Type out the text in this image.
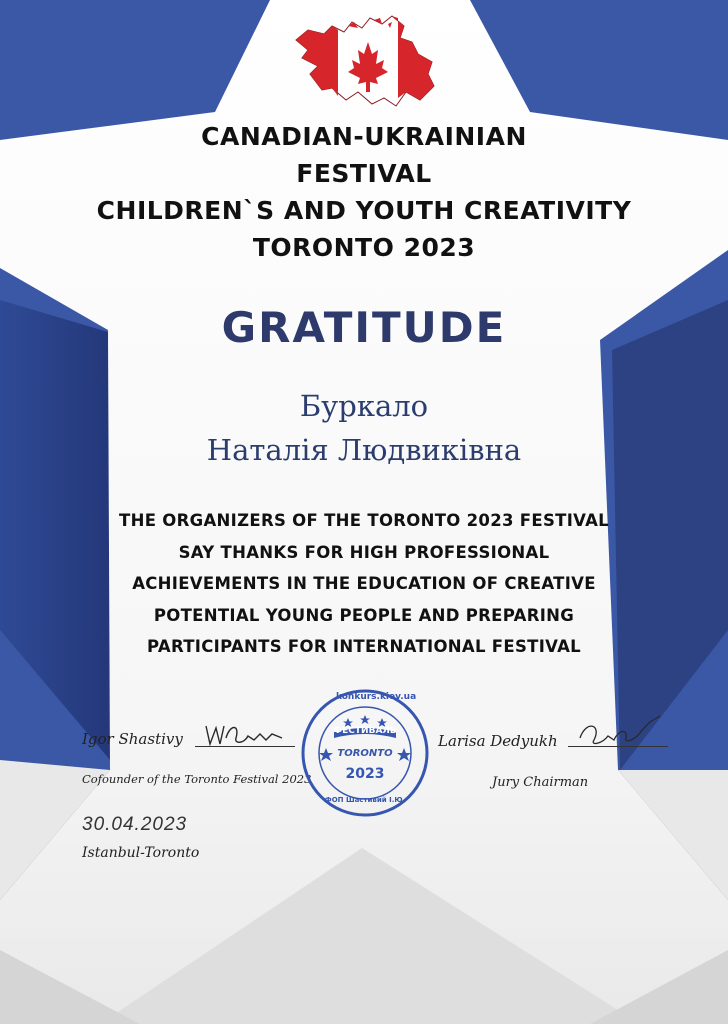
CANADIAN-UKRAINIAN
FESTIVAL
CHILDREN`S AND YOUTH CREATIVITY
TORONTO 2023
GRATITUDE
Буркало
Наталія Людвиківна
THE ORGANIZERS OF THE TORONTO 2023 FESTIVAL
SAY THANKS FOR HIGH PROFESSIONAL
ACHIEVEMENTS IN THE EDUCATION OF CREATIVE
POTENTIAL YOUNG PEOPLE AND PREPARING
PARTICIPANTS FOR INTERNATIONAL FESTIVAL
Igor Shastivy
Cofounder of the Toronto Festival 2023
konkurs.kiev.ua
ФЕСТИВАЛЬ
TORONTO
2023
ФОП Шастивий І.Ю.
Larisa Dedyukh
Jury Chairman
30.04.2023
Istanbul-Toronto
